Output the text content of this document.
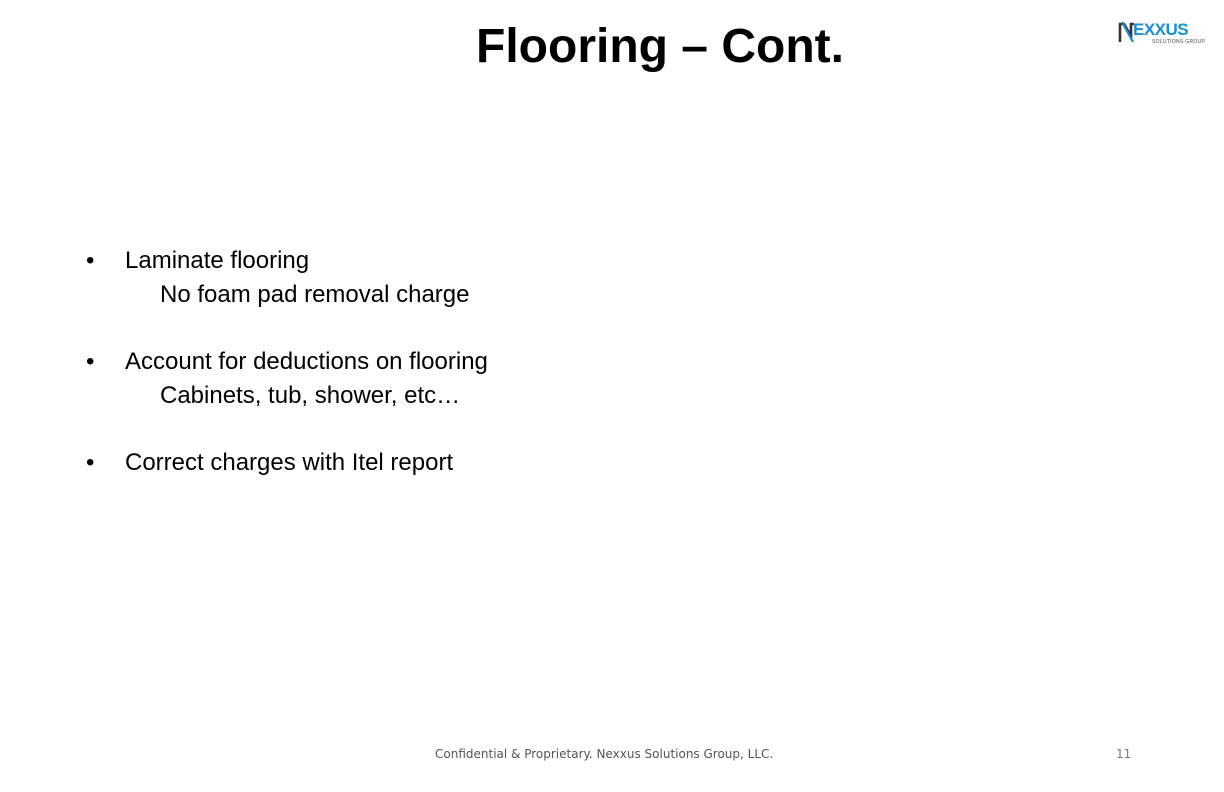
Flooring – Cont.	EXXUS
SOLUTIONS GROUP
•	Laminate flooring
No foam pad removal charge
•	Account for deductions on flooring
Cabinets, tub, shower, etc…
•	Correct charges with Itel report
Confidential & Proprietary. Nexxus Solutions Group, LLC.	11
